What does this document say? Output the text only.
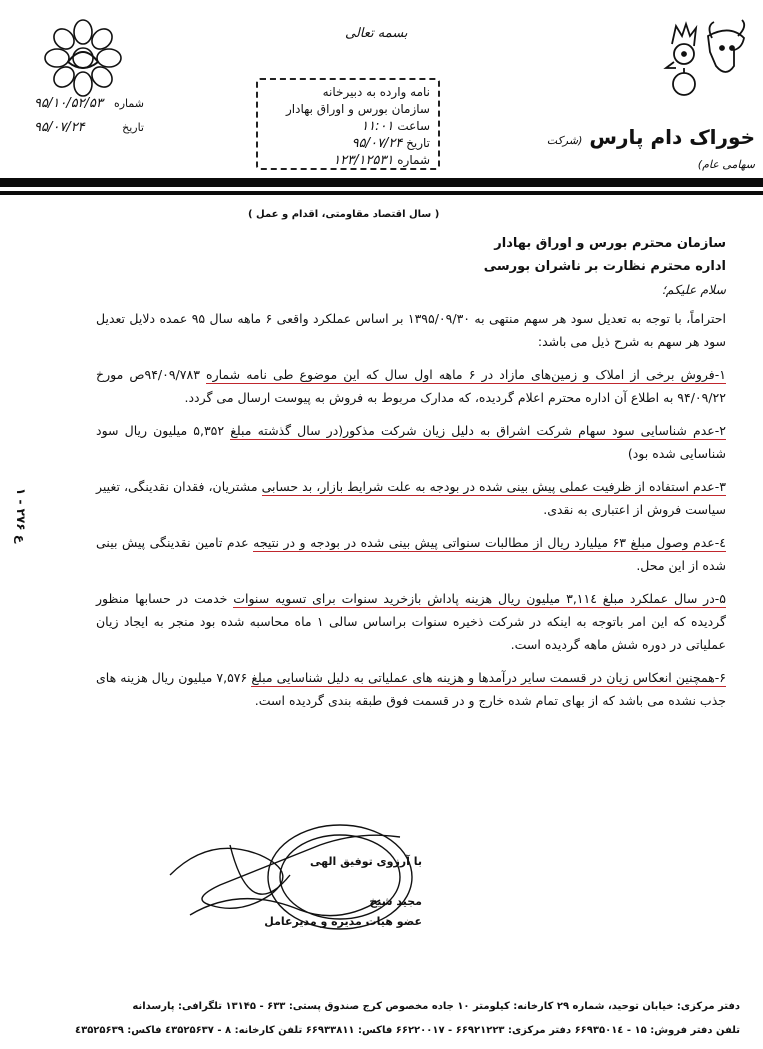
بسمه تعالی
خوراک دام پارس (شرکت سهامی عام)
شماره
۹۵/۱۰/۵۲/۵۳
تاریخ
۹۵/۰۷/۲۴
نامه وارده به دبیرخانه
سازمان بورس و اوراق بهادار
ساعت ۱۱:۰۱
تاریخ ۹۵/۰۷/۲۴
شماره ۱۲۳/۱۲۵۳۱
( سال اقتصاد مقاومتی، اقدام و عمل )

سازمان محترم بورس و اوراق بهادار

اداره محترم نظارت بر ناشران بورسی

سلام علیکم؛

احتراماً، با توجه به تعدیل سود هر سهم منتهی به ۱۳۹۵/۰۹/۳۰ بر اساس عملکرد واقعی ۶ ماهه سال ۹۵ عمده دلایل تعدیل سود هر سهم به شرح ذیل می باشد:

۱-فروش برخی از املاک و زمین‌های مازاد در ۶ ماهه اول سال که این موضوع طی نامه شماره ۹۴/۰۹/۷۸۳ص مورخ ۹۴/۰۹/۲۲ به اطلاع آن اداره محترم اعلام گردیده، که مدارک مربوط به فروش به پیوست ارسال می گردد.

۲-عدم شناسایی سود سهام شرکت اشراق به دلیل زیان شرکت مذکور(در سال گذشته مبلغ ۵,۳۵۲ میلیون ریال سود شناسایی شده بود)

۳-عدم استفاده از ظرفیت عملی پیش بینی شده در بودجه به علت شرایط بازار، بد حسابی مشتریان، فقدان نقدینگی، تغییر سیاست فروش از اعتباری به نقدی.

٤-عدم وصول مبلغ ۶۳ میلیارد ریال از مطالبات سنواتی پیش بینی شده در بودجه و در نتیجه عدم تامین نقدینگی پیش بینی شده از این محل.

۵-در سال عملکرد مبلغ ۳,۱۱٤ میلیون ریال هزینه پاداش بازخرید سنوات برای تسویه سنوات خدمت در حسابها منظور گردیده که این امر باتوجه به اینکه در شرکت ذخیره سنوات براساس سالی ۱ ماه محاسبه شده بود منجر به ایجاد زیان عملیاتی در دوره شش ماهه گردیده است.

۶-همچنین انعکاس زیان در قسمت سایر درآمدها و هزینه های عملیاتی به دلیل شناسایی مبلغ ۷,۵۷۶ میلیون ریال هزینه های جذب نشده می باشد که از بهای تمام شده خارج و در قسمت فوق طبقه بندی گردیده است.

۱ - ۲۷۶ ع
با آرزوی توفیق الهی
مجید شیخ
عضو هیات مدیره و مدیرعامل
دفتر مرکزی: خیابان توحید، شماره ۲۹ کارخانه: کیلومتر ۱۰ جاده مخصوص کرج صندوق پستی: ۶۳۳ - ۱۳۱۴۵ تلگرافی: پارسدانه
تلفن دفتر فروش: ۱۵ - ۶۶۹۳۵۰۱٤ دفتر مرکزی: ۶۶۹۲۱۲۲۳ - ۶۶۲۲۰۰۱۷ فاکس: ۶۶۹۳۳۸۱۱ تلفن کارخانه: ۸ - ٤۳۵۲۵۶۳۷ فاکس: ٤۳۵۲۵۶۳۹
